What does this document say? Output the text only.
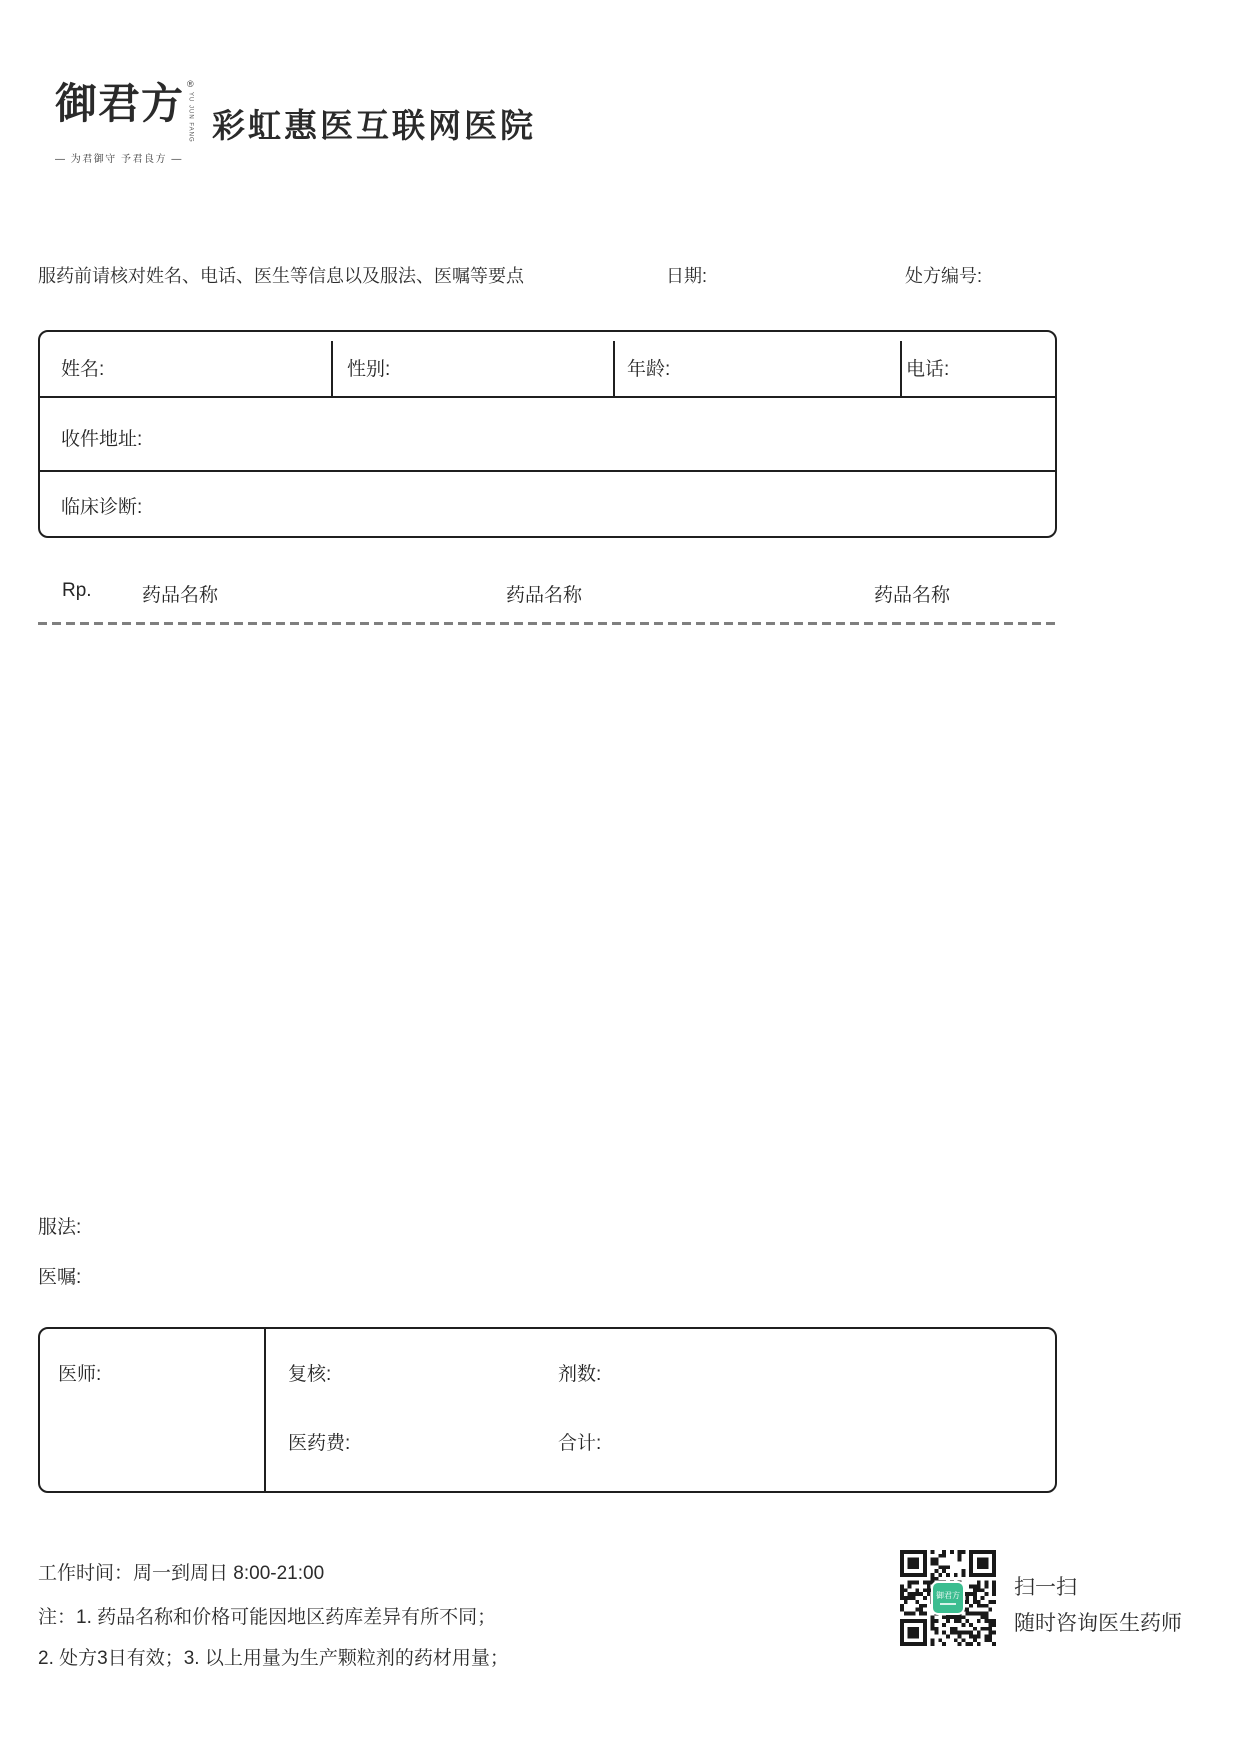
御君方 ®
YU JUN FANG
— 为君御守 予君良方 —
彩虹惠医互联网医院
服药前请核对姓名、电话、医生等信息以及服法、医嘱等要点	日期:	处方编号:
姓名:	性别:	年龄:	电话:
收件地址:
临床诊断:
Rp.	药品名称	药品名称	药品名称
服法:
医嘱:
医师:	复核:	剂数:
医药费:	合计:
工作时间：周一到周日 8:00-21:00
注：1. 药品名称和价格可能因地区药库差异有所不同；
2. 处方3日有效；3. 以上用量为生产颗粒剂的药材用量；
御君方	扫一扫
随时咨询医生药师
